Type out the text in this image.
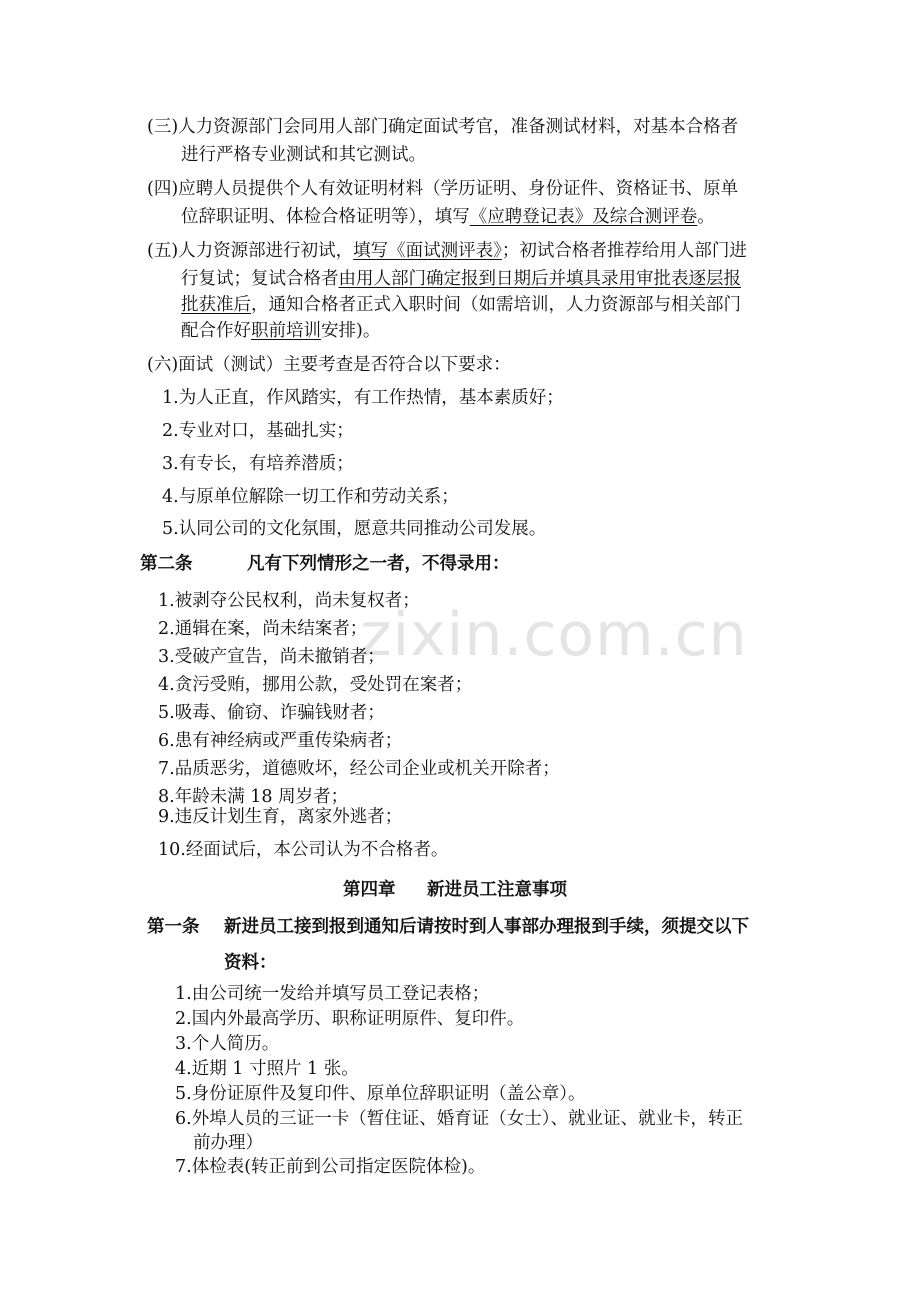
zixin.com.cn
(三)人力资源部门会同用人部门确定面试考官，准备测试材料，对基本合格者
进行严格专业测试和其它测试。
(四)应聘人员提供个人有效证明材料（学历证明、身份证件、资格证书、原单
位辞职证明、体检合格证明等），填写《应聘登记表》及综合测评卷。
(五)人力资源部进行初试，填写《面试测评表》；初试合格者推荐给用人部门进
行复试；复试合格者由用人部门确定报到日期后并填具录用审批表逐层报
批获准后，通知合格者正式入职时间（如需培训，人力资源部与相关部门
配合作好职前培训安排)。
(六)面试（测试）主要考查是否符合以下要求：
1.为人正直，作风踏实，有工作热情，基本素质好；
2.专业对口，基础扎实；
3.有专长，有培养潜质；
4.与原单位解除一切工作和劳动关系；
5.认同公司的文化氛围，愿意共同推动公司发展。
第二条	凡有下列情形之一者，不得录用：
1.被剥夺公民权利，尚未复权者；
2.通辑在案，尚未结案者；
3.受破产宣告，尚未撤销者；
4.贪污受贿，挪用公款，受处罚在案者；
5.吸毒、偷窃、诈骗钱财者；
6.患有神经病或严重传染病者；
7.品质恶劣，道德败坏，经公司企业或机关开除者；
8.年龄未满 18 周岁者；
9.违反计划生育，离家外逃者；
10.经面试后，本公司认为不合格者。
第四章 新进员工注意事项
第一条 新进员工接到报到通知后请按时到人事部办理报到手续，须提交以下
资料：
1.由公司统一发给并填写员工登记表格；
2.国内外最高学历、职称证明原件、复印件。
3.个人简历。
4.近期 1 寸照片 1 张。
5.身份证原件及复印件、原单位辞职证明（盖公章）。
6.外埠人员的三证一卡（暂住证、婚育证（女士）、就业证、就业卡，转正
前办理）
7.体检表(转正前到公司指定医院体检)。
